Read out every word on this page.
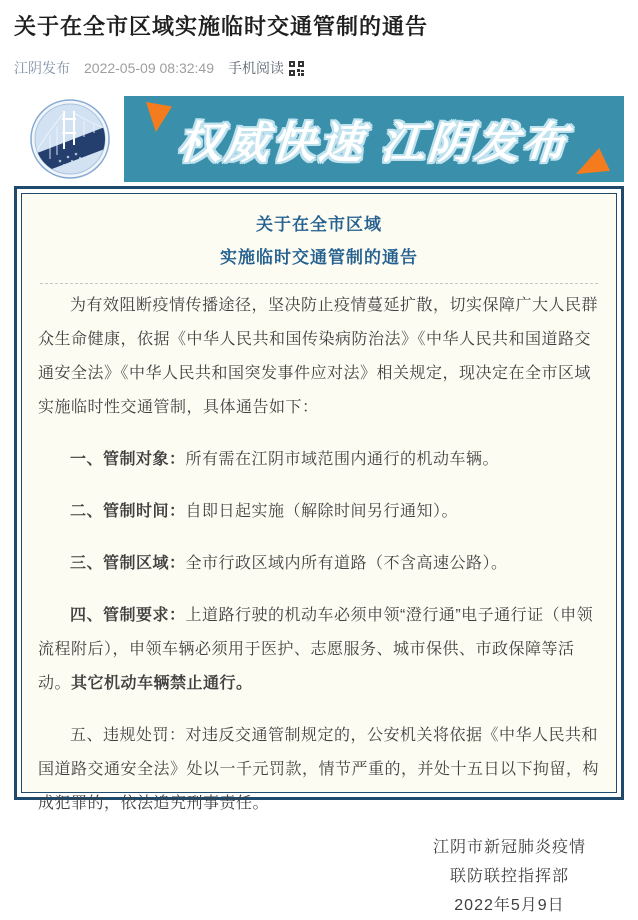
关于在全市区域实施临时交通管制的通告
江阴发布 2022-05-09 08:32:49 手机阅读
权威快速 江阴发布
关于在全市区域
实施临时交通管制的通告

为有效阻断疫情传播途径，坚决防止疫情蔓延扩散，切实保障广大人民群众生命健康，依据《中华人民共和国传染病防治法》《中华人民共和国道路交通安全法》《中华人民共和国突发事件应对法》相关规定，现决定在全市区域实施临时性交通管制，具体通告如下：

一、管制对象：所有需在江阴市域范围内通行的机动车辆。

二、管制时间：自即日起实施（解除时间另行通知）。

三、管制区域：全市行政区域内所有道路（不含高速公路）。

四、管制要求：上道路行驶的机动车必须申领“澄行通”电子通行证（申领流程附后），申领车辆必须用于医护、志愿服务、城市保供、市政保障等活动。其它机动车辆禁止通行。

五、违规处罚：对违反交通管制规定的，公安机关将依据《中华人民共和国道路交通安全法》处以一千元罚款，情节严重的，并处十五日以下拘留，构成犯罪的，依法追究刑事责任。

江阴市新冠肺炎疫情
联防联控指挥部
2022年5月9日
